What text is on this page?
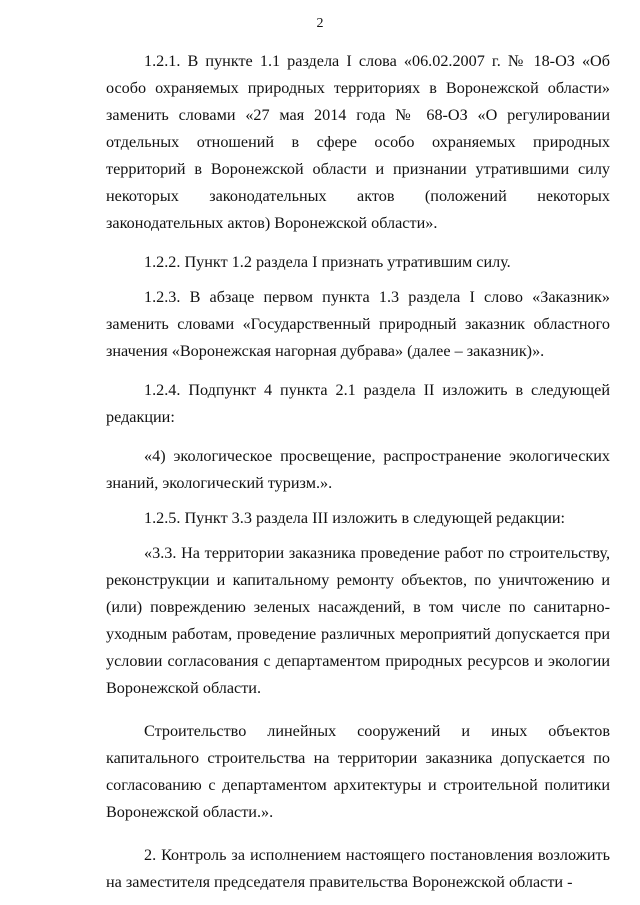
2

1.2.1. В пункте 1.1 раздела I слова «06.02.2007 г. № 18-ОЗ «Об особо охраняемых природных территориях в Воронежской области» заменить словами «27 мая 2014 года № 68-ОЗ «О регулировании отдельных отношений в сфере особо охраняемых природных территорий в Воронежской области и признании утратившими силу некоторых законодательных актов (положений некоторых законодательных актов) Воронежской области».

1.2.2. Пункт 1.2 раздела I признать утратившим силу.

1.2.3. В абзаце первом пункта 1.3 раздела I слово «Заказник» заменить словами «Государственный природный заказник областного значения «Воронежская нагорная дубрава» (далее – заказник)».

1.2.4. Подпункт 4 пункта 2.1 раздела II изложить в следующей редакции:

«4) экологическое просвещение, распространение экологических знаний, экологический туризм.».

1.2.5. Пункт 3.3 раздела III изложить в следующей редакции:

«3.3. На территории заказника проведение работ по строительству, реконструкции и капитальному ремонту объектов, по уничтожению и (или) повреждению зеленых насаждений, в том числе по санитарно-уходным работам, проведение различных мероприятий допускается при условии согласования с департаментом природных ресурсов и экологии Воронежской области.

Строительство линейных сооружений и иных объектов капитального строительства на территории заказника допускается по согласованию с департаментом архитектуры и строительной политики Воронежской области.».

2. Контроль за исполнением настоящего постановления возложить на заместителя председателя правительства Воронежской области -
